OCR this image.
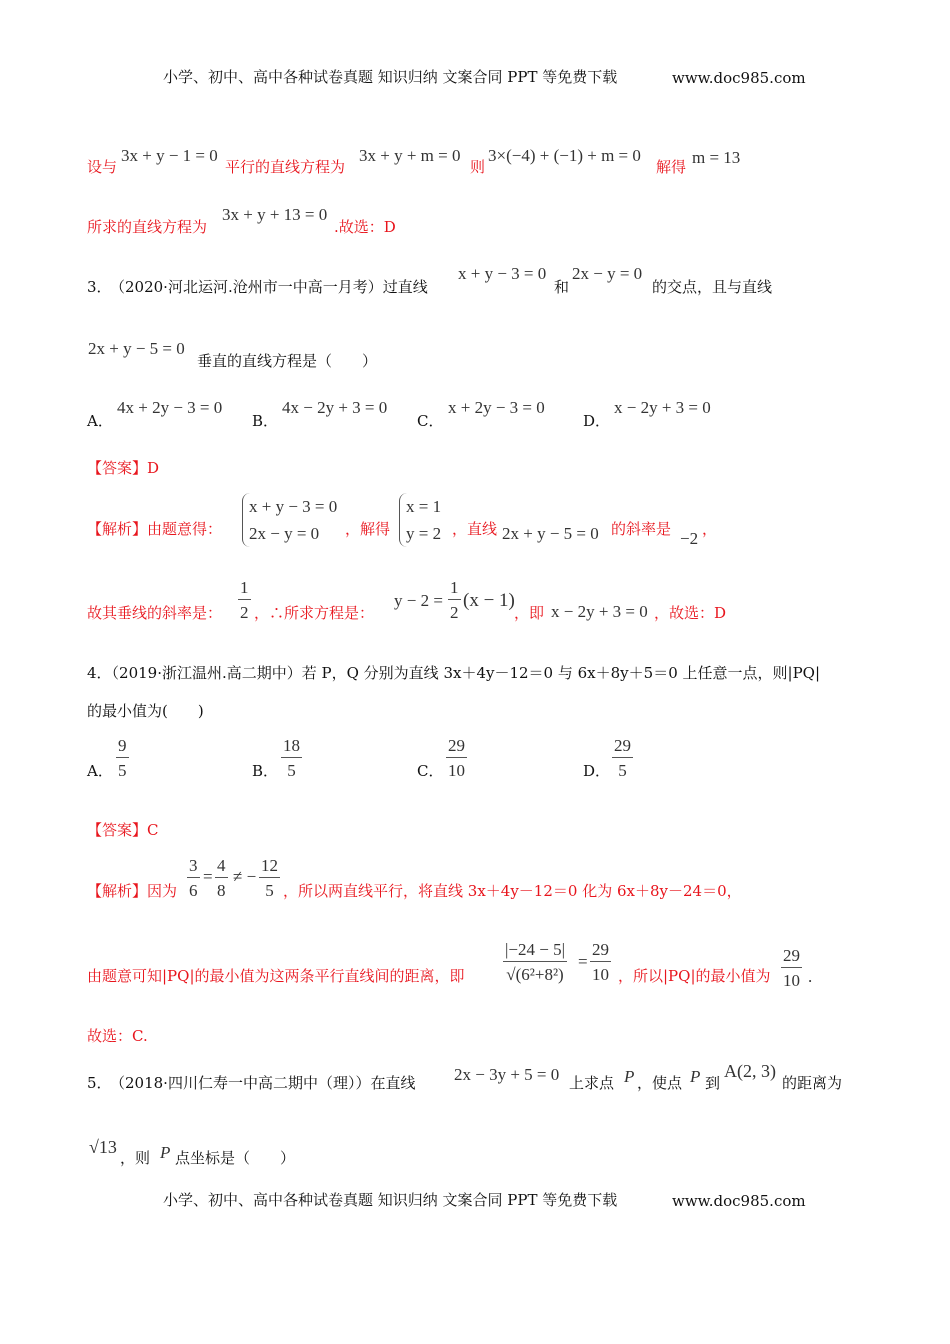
小学、初中、高中各种试卷真题 知识归纳 文案合同 PPT 等免费下载	www.doc985.com
设与
3x + y − 1 = 0
平行的直线方程为
3x + y + m = 0
则
3×(−4) + (−1) + m = 0
解得 m = 13
所求的直线方程为
3x + y + 13 = 0
.故选：D
3．
（2020·河北运河.沧州市一中高一月考）过直线
x + y − 3 = 0
和
2x − y = 0
的交点，且与直线
2x + y − 5 = 0
垂直的直线方程是（　　）
A．
4x + 2y − 3 = 0
B．
4x − 2y + 3 = 0
C．
x + 2y − 3 = 0
D．
x − 2y + 3 = 0
【答案】D
【解析】由题意得：
x + y − 3 = 0
2x − y = 0	，解得
x = 1
y = 2 ，直线 2x + y − 5 = 0 的斜率是 −2 ，
故其垂线的斜率是： $\frac{1}{2}$ ，∴所求方程是：
$y - 2 = \frac{1}{2} (x - 1)$
，即 x − 2y + 3 = 0 ，故选：D
4．（2019·浙江温州.高二期中）若 P，Q 分别为直线 3x＋4y－12＝0 与 6x＋8y＋5＝0 上任意一点，则|PQ|
的最小值为(　　)
A． $\frac{9}{5}$	B． $\frac{18}{5}$	C． $\frac{29}{10}$	D． $\frac{29}{5}$
【答案】C
【解析】因为 $\frac{3}{6} = \frac{4}{8}$ ≠ − $\frac{12}{5}$ ，所以两直线平行，将直线 3x＋4y－12＝0 化为 6x＋8y－24＝0，
由题意可知|PQ|的最小值为这两条平行直线间的距离，即 $\frac{|-24 - 5|}{\text{√(6²+8²)}} = \frac{29}{10}$ ，所以|PQ|的最小值为 $\frac{29}{10}$ .
故选：C.
5．
（2018·四川仁寿一中高二期中（理））在直线 2x − 3y + 5 = 0 上求点 P ，使点 P 到
A(2, 3)
的距离为
√13
，则 P 点坐标是（　　）
小学、初中、高中各种试卷真题 知识归纳 文案合同 PPT 等免费下载	www.doc985.com
